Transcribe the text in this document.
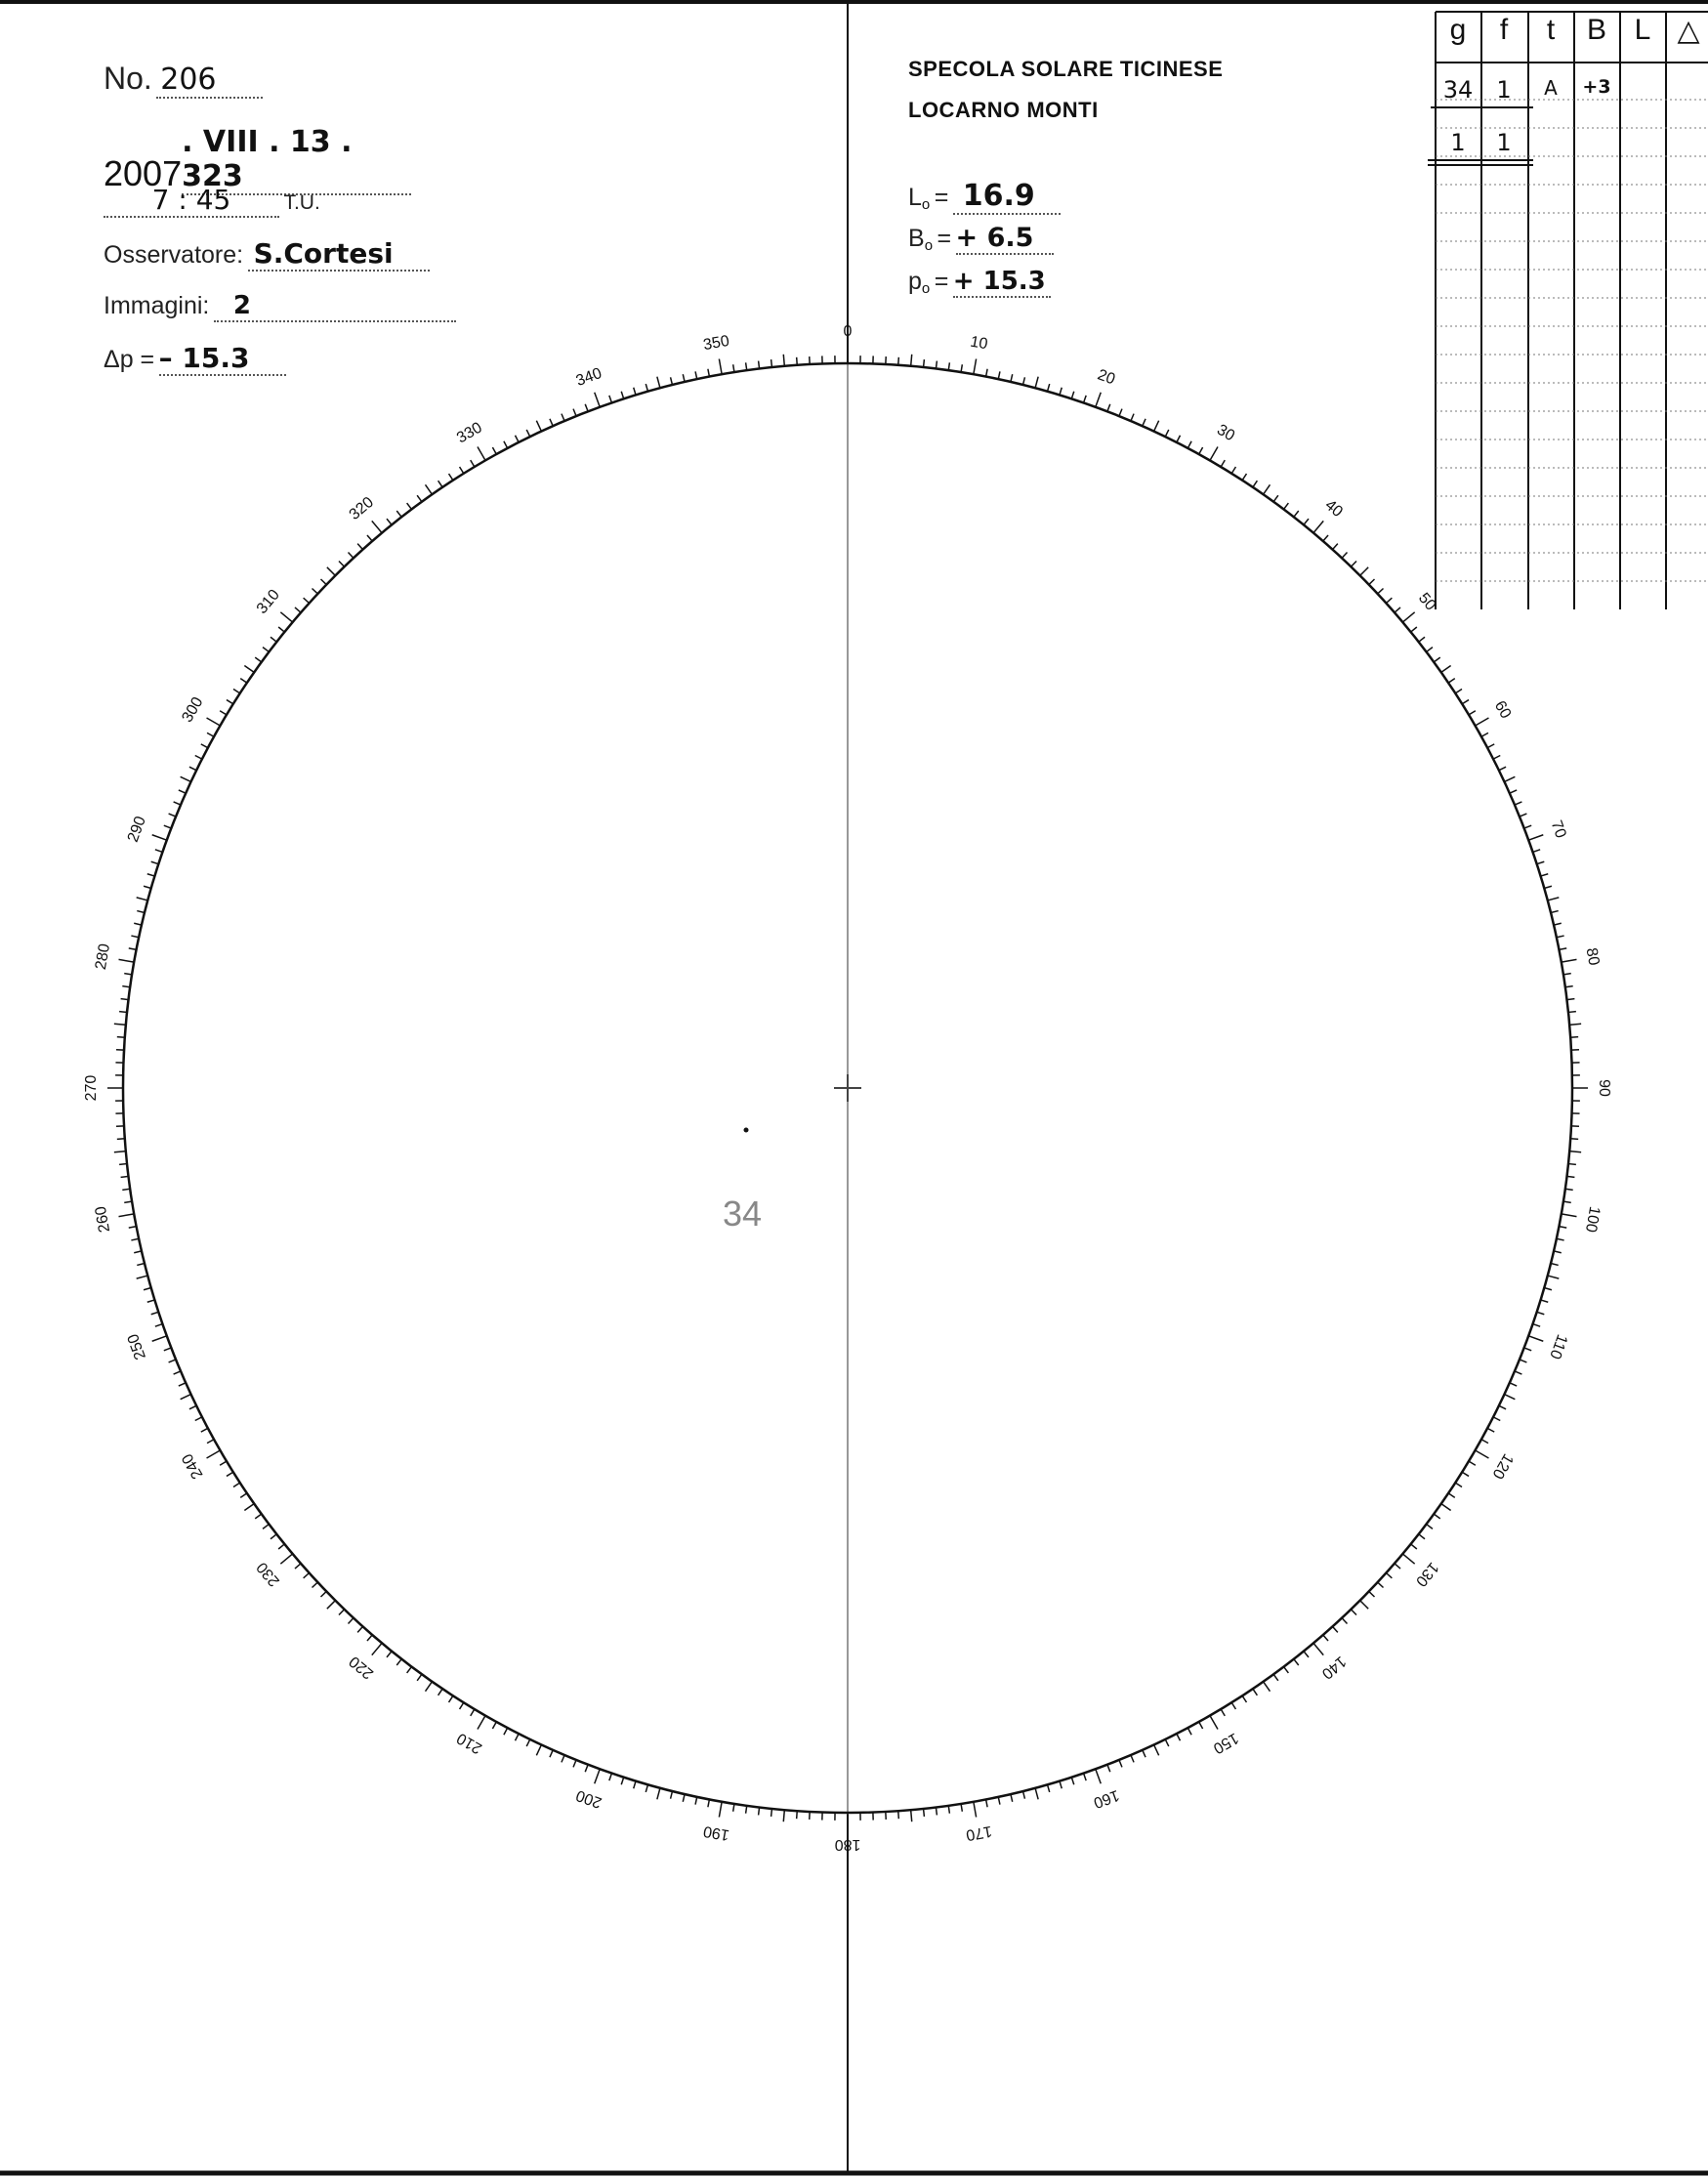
0
10
20
30
40
50
60
70
80
90
100
110
120
130
140
150
160
170
180
190
200
210
220
230
240
250
260
270
280
290
300
310
320
330
340
350
No. 206
2007. VIII . 13 . 323
7 : 45	T.U.
Osservatore: S.Cortesi
Immagini: 2
Δp = – 15.3
SPECOLA SOLARE TICINESE
LOCARNO MONTI
$L_o = 16.9$
$B_o$ = + 6.5
$p_o$ = + 15.3
g	f	t	B L △
34	1	A	+3
1	1
34
